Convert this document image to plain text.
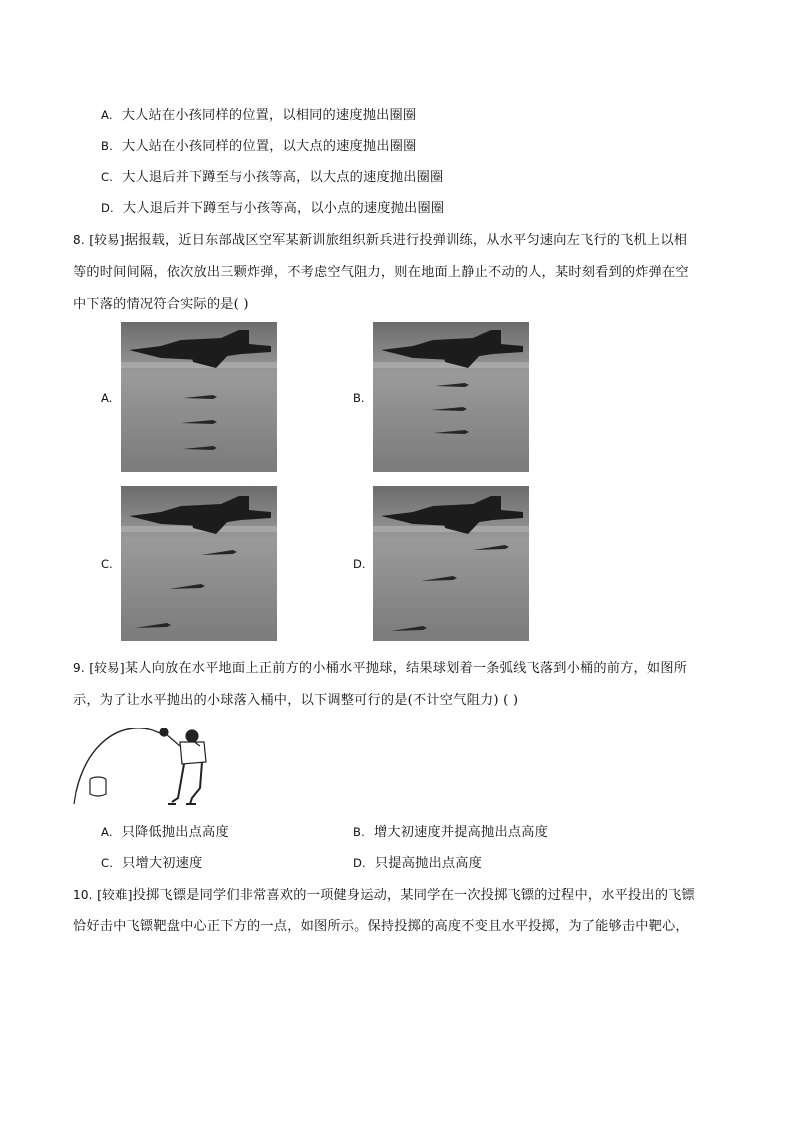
A. 大人站在小孩同样的位置，以相同的速度抛出圈圈
B. 大人站在小孩同样的位置，以大点的速度抛出圈圈
C. 大人退后并下蹲至与小孩等高，以大点的速度抛出圈圈
D. 大人退后并下蹲至与小孩等高，以小点的速度抛出圈圈
8. [较易]据报载，近日东部战区空军某新训旅组织新兵进行投弹训练，从水平匀速向左飞行的飞机上以相
等的时间间隔，依次放出三颗炸弹，不考虑空气阻力，则在地面上静止不动的人，某时刻看到的炸弹在空
中下落的情况符合实际的是( )
A.	B.
C.	D.
9. [较易]某人向放在水平地面上正前方的小桶水平抛球，结果球划着一条弧线飞落到小桶的前方，如图所
示，为了让水平抛出的小球落入桶中，以下调整可行的是(不计空气阻力) ( )
A. 只降低抛出点高度	B. 增大初速度并提高抛出点高度
C. 只增大初速度	D. 只提高抛出点高度
10. [较难]投掷飞镖是同学们非常喜欢的一项健身运动，某同学在一次投掷飞镖的过程中，水平投出的飞镖
恰好击中飞镖靶盘中心正下方的一点，如图所示。保持投掷的高度不变且水平投掷，为了能够击中靶心，
